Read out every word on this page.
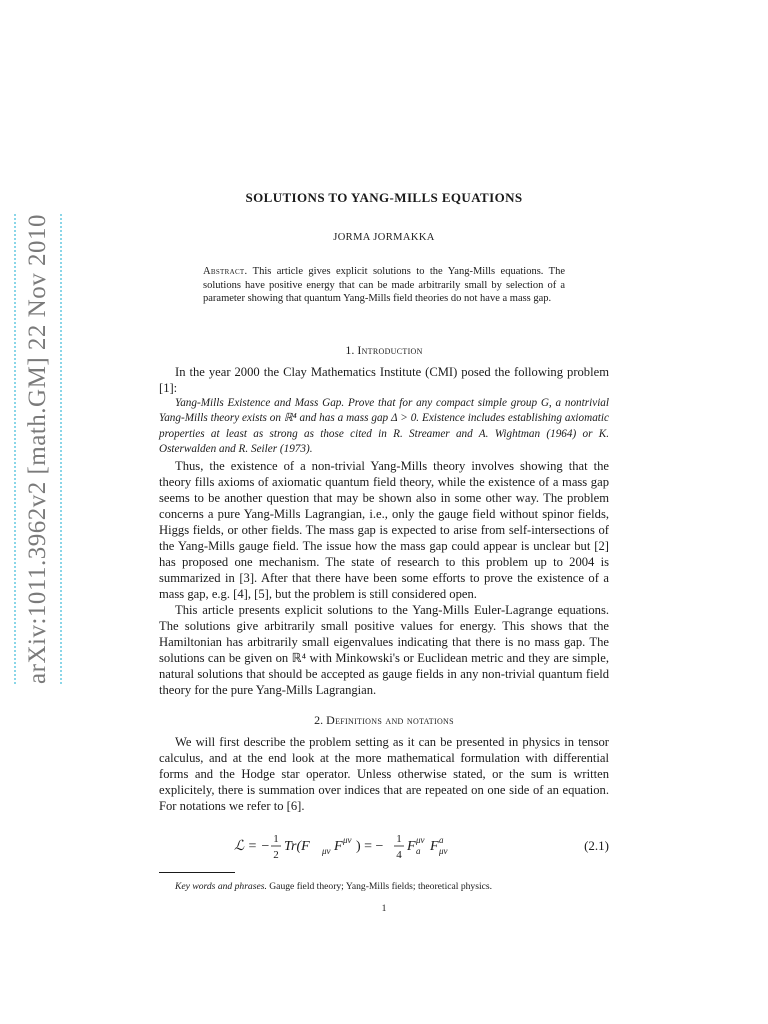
arXiv:1011.3962v2 [math.GM] 22 Nov 2010
SOLUTIONS TO YANG-MILLS EQUATIONS
JORMA JORMAKKA
Abstract. This article gives explicit solutions to the Yang-Mills equations. The solutions have positive energy that can be made arbitrarily small by selection of a parameter showing that quantum Yang-Mills field theories do not have a mass gap.
1. Introduction

In the year 2000 the Clay Mathematics Institute (CMI) posed the following problem [1]:

Yang-Mills Existence and Mass Gap. Prove that for any compact simple group G, a nontrivial Yang-Mills theory exists on ℝ⁴ and has a mass gap Δ > 0. Existence includes establishing axiomatic properties at least as strong as those cited in R. Streamer and A. Wightman (1964) or K. Osterwalden and R. Seiler (1973).

Thus, the existence of a non-trivial Yang-Mills theory involves showing that the theory fills axioms of axiomatic quantum field theory, while the existence of a mass gap seems to be another question that may be shown also in some other way. The problem concerns a pure Yang-Mills Lagrangian, i.e., only the gauge field without spinor fields, Higgs fields, or other fields. The mass gap is expected to arise from self-intersections of the Yang-Mills gauge field. The issue how the mass gap could appear is unclear but [2] has proposed one mechanism. The state of research to this problem up to 2004 is summarized in [3]. After that there have been some efforts to prove the existence of a mass gap, e.g. [4], [5], but the problem is still considered open.

This article presents explicit solutions to the Yang-Mills Euler-Lagrange equations. The solutions give arbitrarily small positive values for energy. This shows that the Hamiltonian has arbitrarily small eigenvalues indicating that there is no mass gap. The solutions can be given on ℝ⁴ with Minkowski's or Euclidean metric and they are simple, natural solutions that should be accepted as gauge fields in any non-trivial quantum field theory for the pure Yang-Mills Lagrangian.

2. Definitions and notations

We will first describe the problem setting as it can be presented in physics in tensor calculus, and at the end look at the more mathematical formulation with differential forms and the Hodge star operator. Unless otherwise stated, or the sum is written explicitely, there is summation over indices that are repeated on one side of an equation. For notations we refer to [6].

ℒ = − 1
2
Tr(F μν F μν ) = − 1
4
F a
μν F μν
a	(2.1)
Key words and phrases. Gauge field theory; Yang-Mills fields; theoretical physics.
1
